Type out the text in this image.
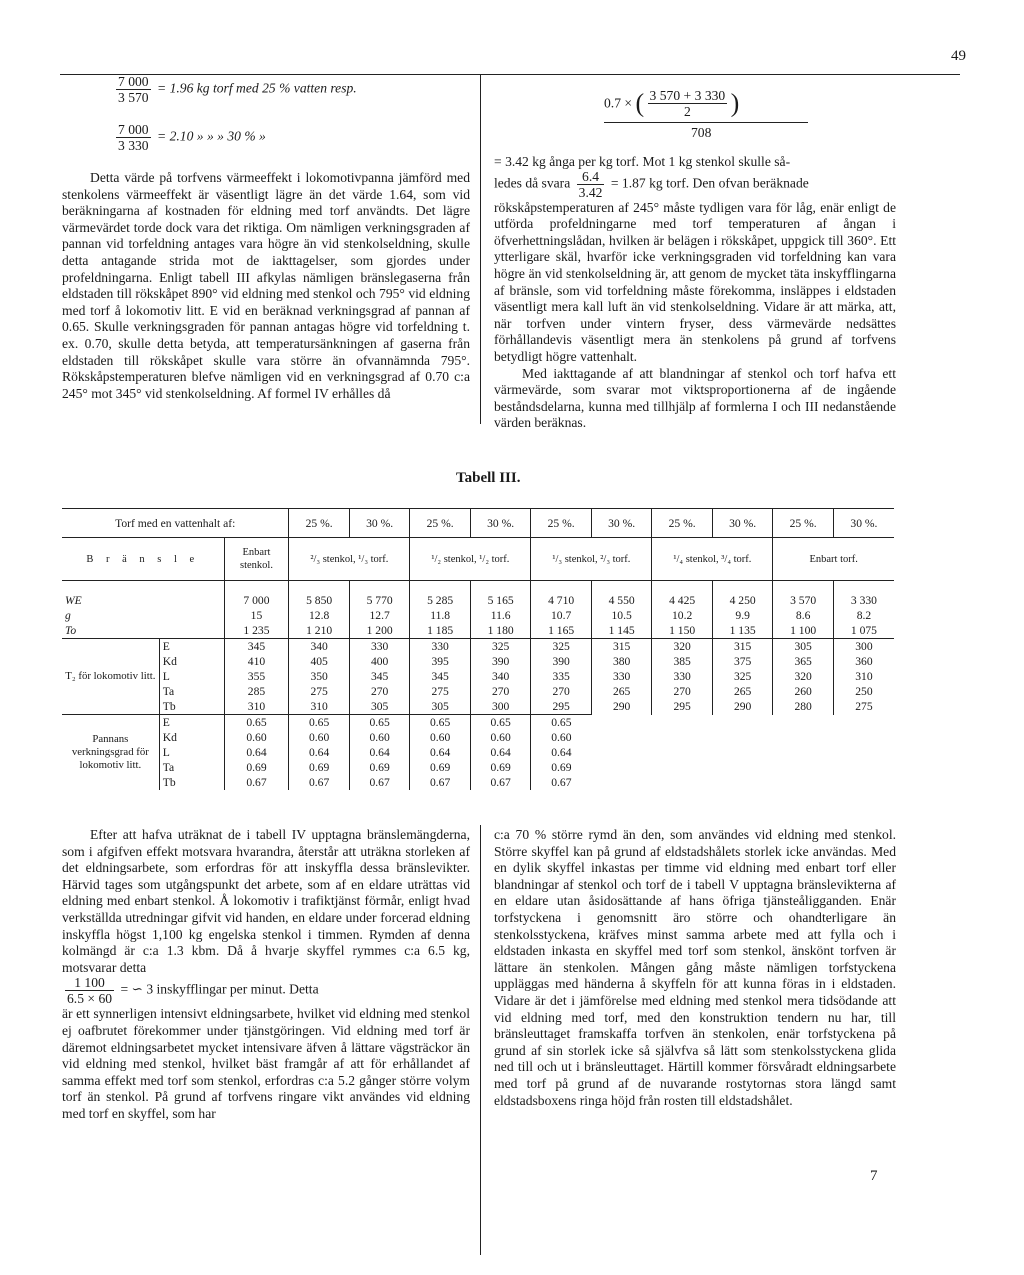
49
$\frac{7 000}{3 570} = 1.96$ kg torf med 25 % vatten resp.
$\frac{7 000}{3 330} = 2.10$ » » » 30 % »

Detta värde på torfvens värmeeffekt i lokomotivpanna jämförd med stenkolens värmeeffekt är väsentligt lägre än det värde 1.64, som vid beräkningarna af kostnaden för eldning med torf användts. Det lägre värmevärdet torde dock vara det riktiga. Om nämligen verkningsgraden af pannan vid torfeldning antages vara högre än vid stenkolseldning, skulle detta antagande strida mot de iakttagelser, som gjordes under profeldningarna. Enligt tabell III afkylas nämligen bränslegaserna från eldstaden till rökskåpet 890° vid eldning med stenkol och 795° vid eldning med torf å lokomotiv litt. E vid en beräknad verkningsgrad af pannan af 0.65. Skulle verkningsgraden för pannan antagas högre vid torfeldning t. ex. 0.70, skulle detta betyda, att temperatursänkningen af gaserna från eldstaden till rökskåpet skulle vara större än ofvannämnda 795°. Rökskåpstemperaturen blefve nämligen vid en verkningsgrad af 0.70 c:a 245° mot 345° vid stenkolseldning. Af formel IV erhålles då

0.7 × ( $\frac{3 570 + 3 330}{2}$ )
708

= 3.42 kg ånga per kg torf. Mot 1 kg stenkol skulle så-

ledes då svara $\frac{6.4}{3.42} = 1.87$ kg torf. Den ofvan beräknade

rökskåpstemperaturen af 245° måste tydligen vara för låg, enär enligt de utförda profeldningarne med torf temperaturen af ångan i öfverhettningslådan, hvilken är belägen i rökskåpet, uppgick till 360°. Ett ytterligare skäl, hvarför icke verkningsgraden vid torfeldning kan vara högre än vid stenkolseldning är, att genom de mycket täta inskyfflingarna af bränsle, som vid torfeldning måste förekomma, insläppes i eldstaden väsentligt mera kall luft än vid stenkolseldning. Vidare är att märka, att, när torfven under vintern fryser, dess värmevärde nedsättes förhållandevis väsentligt mera än stenkolens på grund af torfvens betydligt högre vattenhalt.

Med iakttagande af att blandningar af stenkol och torf hafva ett värmevärde, som svarar mot viktsproportionerna af de ingående beståndsdelarna, kunna med tillhjälp af formlerna I och III nedanstående värden beräknas.

Tabell III.
Torf med en vattenhalt af:			25 %.	30 %.	25 %.	30 %.	25 %.	30 %.	25 %.	30 %.	25 %.	30 %.
B r ä n s l e		Enbart stenkol.	²/₃ stenkol, ¹/₃ torf.		¹/₂ stenkol, ¹/₂ torf.		¹/₃ stenkol, ²/₃ torf.		¹/₄ stenkol, ³/₄ torf.		Enbart torf.	

WE		7 000	5 850	5 770	5 285	5 165	4 710	4 550	4 425	4 250	3 570	3 330
g		15	12.8	12.7	11.8	11.6	10.7	10.5	10.2	9.9	8.6	8.2
To		1 235	1 210	1 200	1 185	1 180	1 165	1 145	1 150	1 135	1 100	1 075
T₂ för lokomotiv litt.	E	345	340	330	330	325	325	315	320	315	305	300
	Kd	410	405	400	395	390	390	380	385	375	365	360
	L	355	350	345	345	340	335	330	330	325	320	310
	Ta	285	275	270	275	270	270	265	270	265	260	250
	Tb	310	310	305	305	300	295	290	295	290	280	275
Pannans verkningsgrad för lokomotiv litt.	E	0.65	0.65	0.65	0.65	0.65	0.65					
	Kd	0.60	0.60	0.60	0.60	0.60	0.60					
	L	0.64	0.64	0.64	0.64	0.64	0.64					
	Ta	0.69	0.69	0.69	0.69	0.69	0.69					
	Tb	0.67	0.67	0.67	0.67	0.67	0.67					

Efter att hafva uträknat de i tabell IV upptagna bränslemängderna, som i afgifven effekt motsvara hvarandra, återstår att uträkna storleken af det eldningsarbete, som erfordras för att inskyffla dessa bränslevikter. Härvid tages som utgångspunkt det arbete, som af en eldare uträttas vid eldning med enbart stenkol. Å lokomotiv i trafiktjänst förmår, enligt hvad verkställda utredningar gifvit vid handen, en eldare under forcerad eldning inskyffla högst 1,100 kg engelska stenkol i timmen. Rymden af denna kolmängd är c:a 1.3 kbm. Då å hvarje skyffel rymmes c:a 6.5 kg, motsvarar detta

$\frac{1 100}{6.5 \times 60}$ = ∽ 3 inskyfflingar per minut. Detta

är ett synnerligen intensivt eldningsarbete, hvilket vid eldning med stenkol ej oafbrutet förekommer under tjänstgöringen. Vid eldning med torf är däremot eldningsarbetet mycket intensivare äfven å lättare vägsträckor än vid eldning med stenkol, hvilket bäst framgår af att för erhållandet af samma effekt med torf som stenkol, erfordras c:a 5.2 gånger större volym torf än stenkol. På grund af torfvens ringare vikt användes vid eldning med torf en skyffel, som har

c:a 70 % större rymd än den, som användes vid eldning med stenkol. Större skyffel kan på grund af eldstadshålets storlek icke användas. Med en dylik skyffel inkastas per timme vid eldning med enbart torf eller blandningar af stenkol och torf de i tabell V upptagna bränslevikterna af en eldare utan åsidosättande af hans öfriga tjänsteåligganden. Enär torfstyckena i genomsnitt äro större och ohandterligare än stenkolsstyckena, kräfves minst samma arbete med att fylla och i eldstaden inkasta en skyffel med torf som stenkol, änskönt torfven är lättare än stenkolen. Mången gång måste nämligen torfstyckena uppläggas med händerna å skyffeln för att kunna föras in i eldstaden. Vidare är det i jämförelse med eldning med stenkol mera tidsödande att vid eldning med torf, med den konstruktion tendern nu har, till bränsleuttaget framskaffa torfven än stenkolen, enär torfstyckena på grund af sin storlek icke så självfva så lätt som stenkolsstyckena glida ned till och ut i bränsleuttaget. Härtill kommer försvåradt eldningsarbete med torf på grund af de nuvarande rostytornas stora längd samt eldstadsboxens ringa höjd från rosten till eldstadshålet.

7
